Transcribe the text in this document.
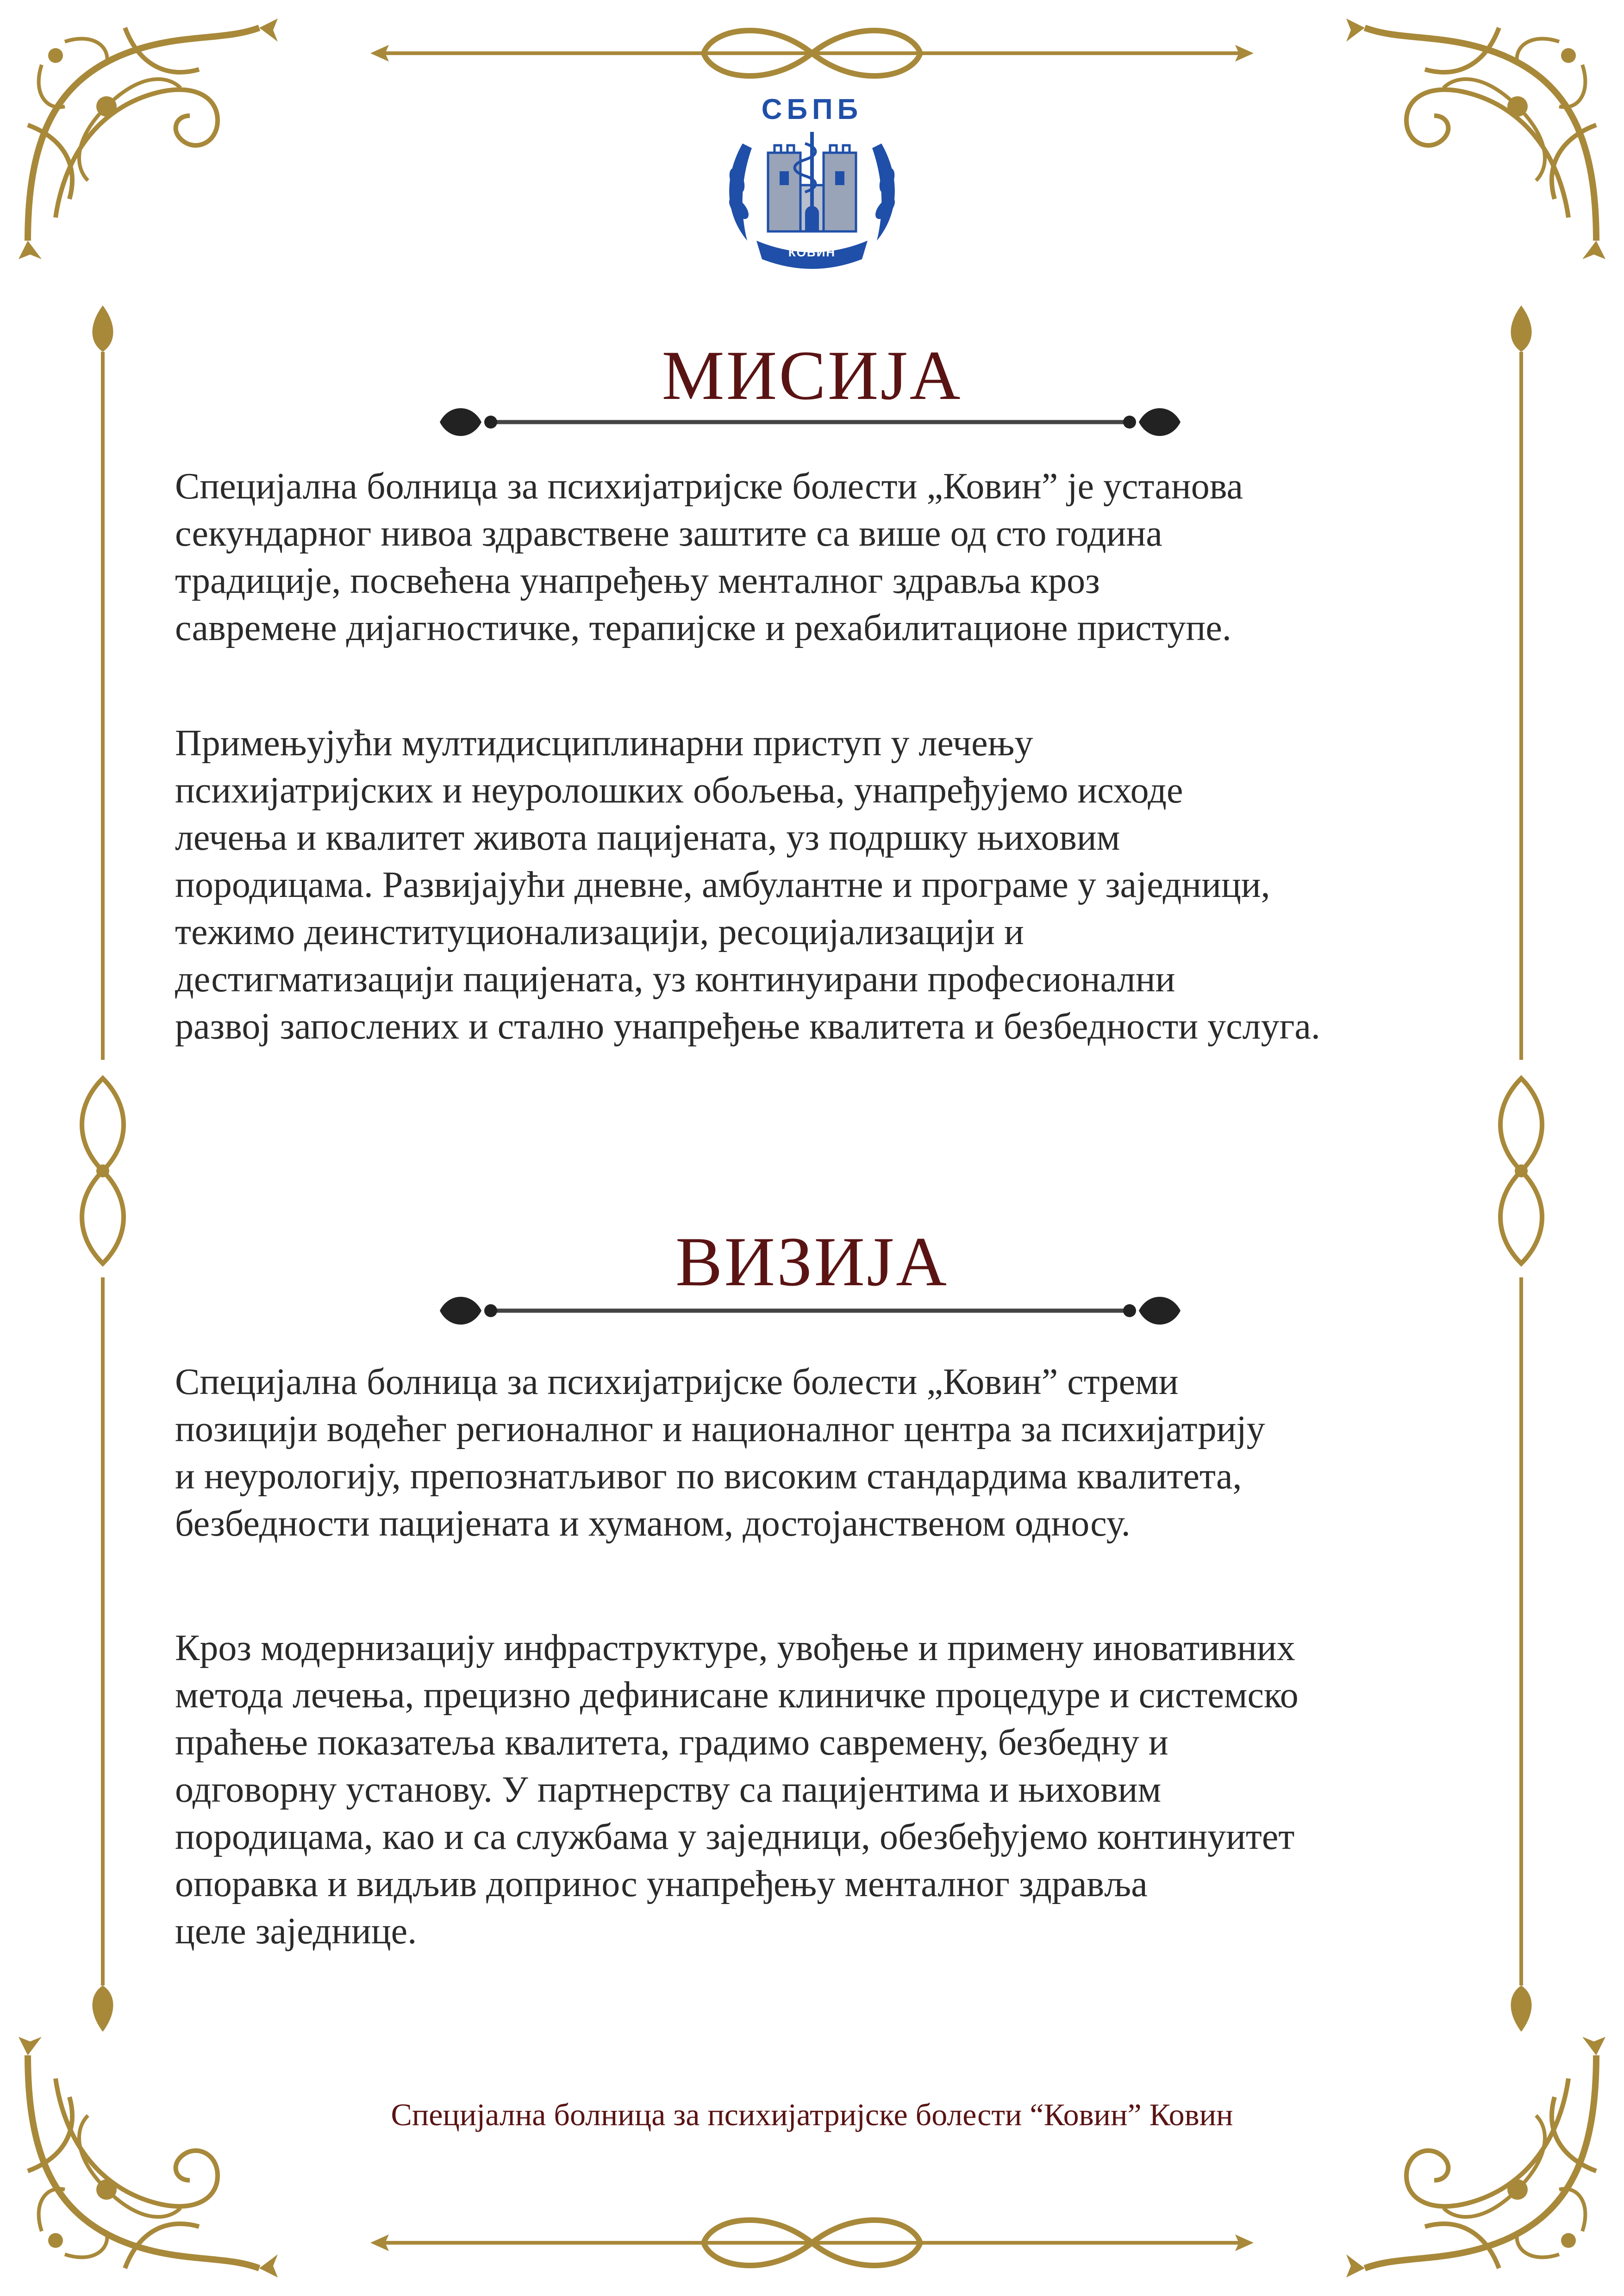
СБПБ
КОВИН
МИСИЈА
Специјална болница за психијатријске болести „Ковин” је установа
секундарног нивоа здравствене заштите са више од сто година
традиције, посвећена унапређењу менталног здравља кроз
савремене дијагностичке, терапијске и рехабилитационе приступе.
Примењујући мултидисциплинарни приступ у лечењу
психијатријских и неуролошких обољења, унапређујемо исходе
лечења и квалитет живота пацијената, уз подршку њиховим
породицама. Развијајући дневне, амбулантне и програме у заједници,
тежимо деинституционализацији, ресоцијализацији и
дестигматизацији пацијената, уз континуирани професионални
развој запослених и стално унапређење квалитета и безбедности услуга.
ВИЗИЈА
Специјална болница за психијатријске болести „Ковин” стреми
позицији водећег регионалног и националног центра за психијатрију
и неурологију, препознатљивог по високим стандардима квалитета,
безбедности пацијената и хуманом, достојанственом односу.
Кроз модернизацију инфраструктуре, увођење и примену иновативних
метода лечења, прецизно дефинисане клиничке процедуре и системско
праћење показатеља квалитета, градимо савремену, безбедну и
одговорну установу. У партнерству са пацијентима и њиховим
породицама, као и са службама у заједници, обезбеђујемо континуитет
опоравка и видљив допринос унапређењу менталног здравља
целе заједнице.
Специјална болница за психијатријске болести “Ковин” Ковин
